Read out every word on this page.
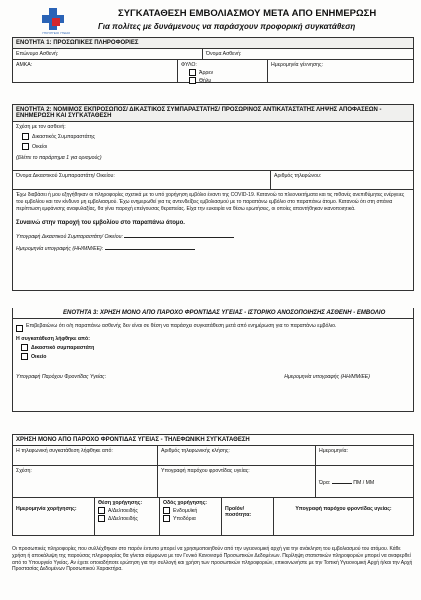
ΥΠΟΥΡΓΕΙΟ ΥΓΕΙΑΣ
ΣΥΓΚΑΤΑΘΕΣΗ ΕΜΒΟΛΙΑΣΜΟΥ ΜΕΤΑ ΑΠΟ ΕΝΗΜΕΡΩΣΗ
Για πολίτες με δυνάμενους να παράσχουν προφορική συγκατάθεση
ΕΝΟΤΗΤΑ 1: ΠΡΟΣΩΠΙΚΕΣ ΠΛΗΡΟΦΟΡΙΕΣ
Επώνυμο Ασθενή:	Όνομα Ασθενή:
ΑΜΚΑ:	ΦΥΛΟ:
Άρρεν
Θήλυ
Ημερομηνία γέννησης:
ΕΝΟΤΗΤΑ 2: ΝΟΜΙΜΟΣ ΕΚΠΡΟΣΩΠΟΣ/ ΔΙΚΑΣΤΙΚΟΣ ΣΥΜΠΑΡΑΣΤΑΤΗΣ/ ΠΡΟΣΩΡΙΝΟΣ ΑΝΤΙΚΑΤΑΣΤΑΤΗΣ ΛΗΨΗΣ ΑΠΟΦΑΣΕΩΝ - ΕΝΗΜΕΡΩΣΗ ΚΑΙ ΣΥΓΚΑΤΑΘΕΣΗ
Σχέση με τον ασθενή:
Δικαστικός Συμπαραστάτης
Οικείοι
(βλέπε το παράρτημα 1 για ορισμούς)
Όνομα Δικαστικού Συμπαραστάτη/ Οικείου:	Αριθμός τηλεφώνου:
Έχω διαβάσει ή μου εξηγήθηκαν οι πληροφορίες σχετικά με το υπό χορήγηση εμβόλιο έναντι της COVID-19. Κατανοώ τα πλεονεκτήματα και τις πιθανές ανεπιθύμητες ενέργειες του εμβολίου και τον κίνδυνο μη εμβολιασμού. Έχω ενημερωθεί για τις αντενδείξεις εμβολιασμού με το παραπάνω εμβόλιο στο παραπάνω άτομο. Κατανοώ ότι στη σπάνια περίπτωση εμφάνισης αναφυλαξίας, θα γίνει παροχή επείγουσας θεραπείας. Είχα την ευκαιρία να θέσω ερωτήσεις, οι οποίες απαντήθηκαν ικανοποιητικά.
Συναινώ στην παροχή του εμβολίου στο παραπάνω άτομο.
Υπογραφή Δικαστικού Συμπαραστάτη/ Οικείου:
Ημερομηνία υπογραφής (ΗΗ/ΜΜ/ΕΕ):
ΕΝΟΤΗΤΑ 3: ΧΡΗΣΗ ΜΟΝΟ ΑΠΟ ΠΑΡΟΧΟ ΦΡΟΝΤΙΔΑΣ ΥΓΕΙΑΣ - ΙΣΤΟΡΙΚΟ ΑΝΟΣΟΠΟΙΗΣΗΣ ΑΣΘΕΝΗ - ΕΜΒΟΛΙΟ
Επιβεβαιώνω ότι ο/η παραπάνω ασθενής δεν είναι σε θέση να παράσχει συγκατάθεση μετά από ενημέρωση για το παραπάνω εμβόλιο.
Η συγκατάθεση λήφθηκε από:
Δικαστικό συμπαραστάτη
Οικείο
Υπογραφή Παρόχου Φροντίδας Υγείας:	Ημερομηνία υπογραφής (ΗΗ/ΜΜ/ΕΕ)
ΧΡΗΣΗ ΜΟΝΟ ΑΠΟ ΠΑΡΟΧΟ ΦΡΟΝΤΙΔΑΣ ΥΓΕΙΑΣ - ΤΗΛΕΦΩΝΙΚΗ ΣΥΓΚΑΤΑΘΕΣΗ
Η τηλεφωνική συγκατάθεση λήφθηκε από:	Αριθμός τηλεφωνικής κλήσης:	Ημερομηνία:
Σχέση:	Υπογραφή παρόχου φροντίδας υγείας:
Ώρα:	ΠΜ / ΜΜ
Ημερομηνία χορήγησης:
Θέση χορήγησης:
Α/Δελτοειδής
Δ/Δελτοειδής
Οδός χορήγησης:
Ενδομυϊκή
Υποδόρια
Προϊόν/ ποσότητα:
Υπογραφή παρόχου φροντίδας υγείας:
Οι προσωπικές πληροφορίες που συλλέχθηκαν στο παρόν έντυπο μπορεί να χρησιμοποιηθούν από την υγειονομική αρχή για την ανάκληση του εμβολιασμού του ατόμου. Κάθε χρήση ή αποκάλυψη της παρούσας πληροφορίας θα γίνεται σύμφωνα με τον Γενικό Κανονισμό Προσωπικών Δεδομένων. Περίληψη στατιστικών πληροφοριών μπορεί να αναφερθεί από το Υπουργείο Υγείας. Αν έχετε οποιαδήποτε ερώτηση για την συλλογή και χρήση των προσωπικών πληροφοριών, επικοινωνήστε με την Τοπική Υγειονομική Αρχή ή/και την Αρχή Προστασίας Δεδομένων Προσωπικού Χαρακτήρα.
